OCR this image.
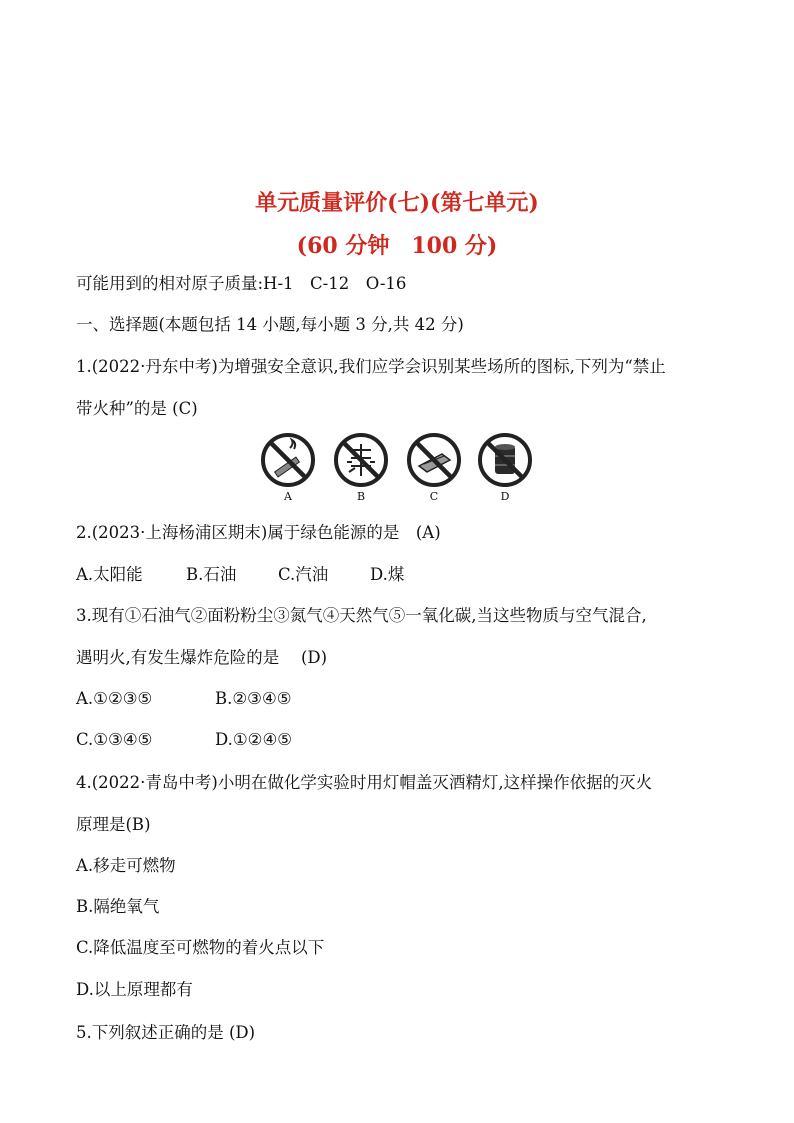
单元质量评价(七)(第七单元)
(60 分钟　100 分)
可能用到的相对原子质量:H-1　C-12　O-16
一、选择题(本题包括 14 小题,每小题 3 分,共 42 分)
1.(2022·丹东中考)为增强安全意识,我们应学会识别某些场所的图标,下列为“禁止
带火种”的是 (C)
A	B	C	D
2.(2023·上海杨浦区期末)属于绿色能源的是　(A)
A.太阳能	B.石油	C.汽油	D.煤
3.现有①石油气②面粉粉尘③氮气④天然气⑤一氧化碳,当这些物质与空气混合,
遇明火,有发生爆炸危险的是　 (D)
A.①②③⑤	B.②③④⑤
C.①③④⑤	D.①②④⑤
4.(2022·青岛中考)小明在做化学实验时用灯帽盖灭酒精灯,这样操作依据的灭火
原理是(B)
A.移走可燃物
B.隔绝氧气
C.降低温度至可燃物的着火点以下
D.以上原理都有
5.下列叙述正确的是 (D)
